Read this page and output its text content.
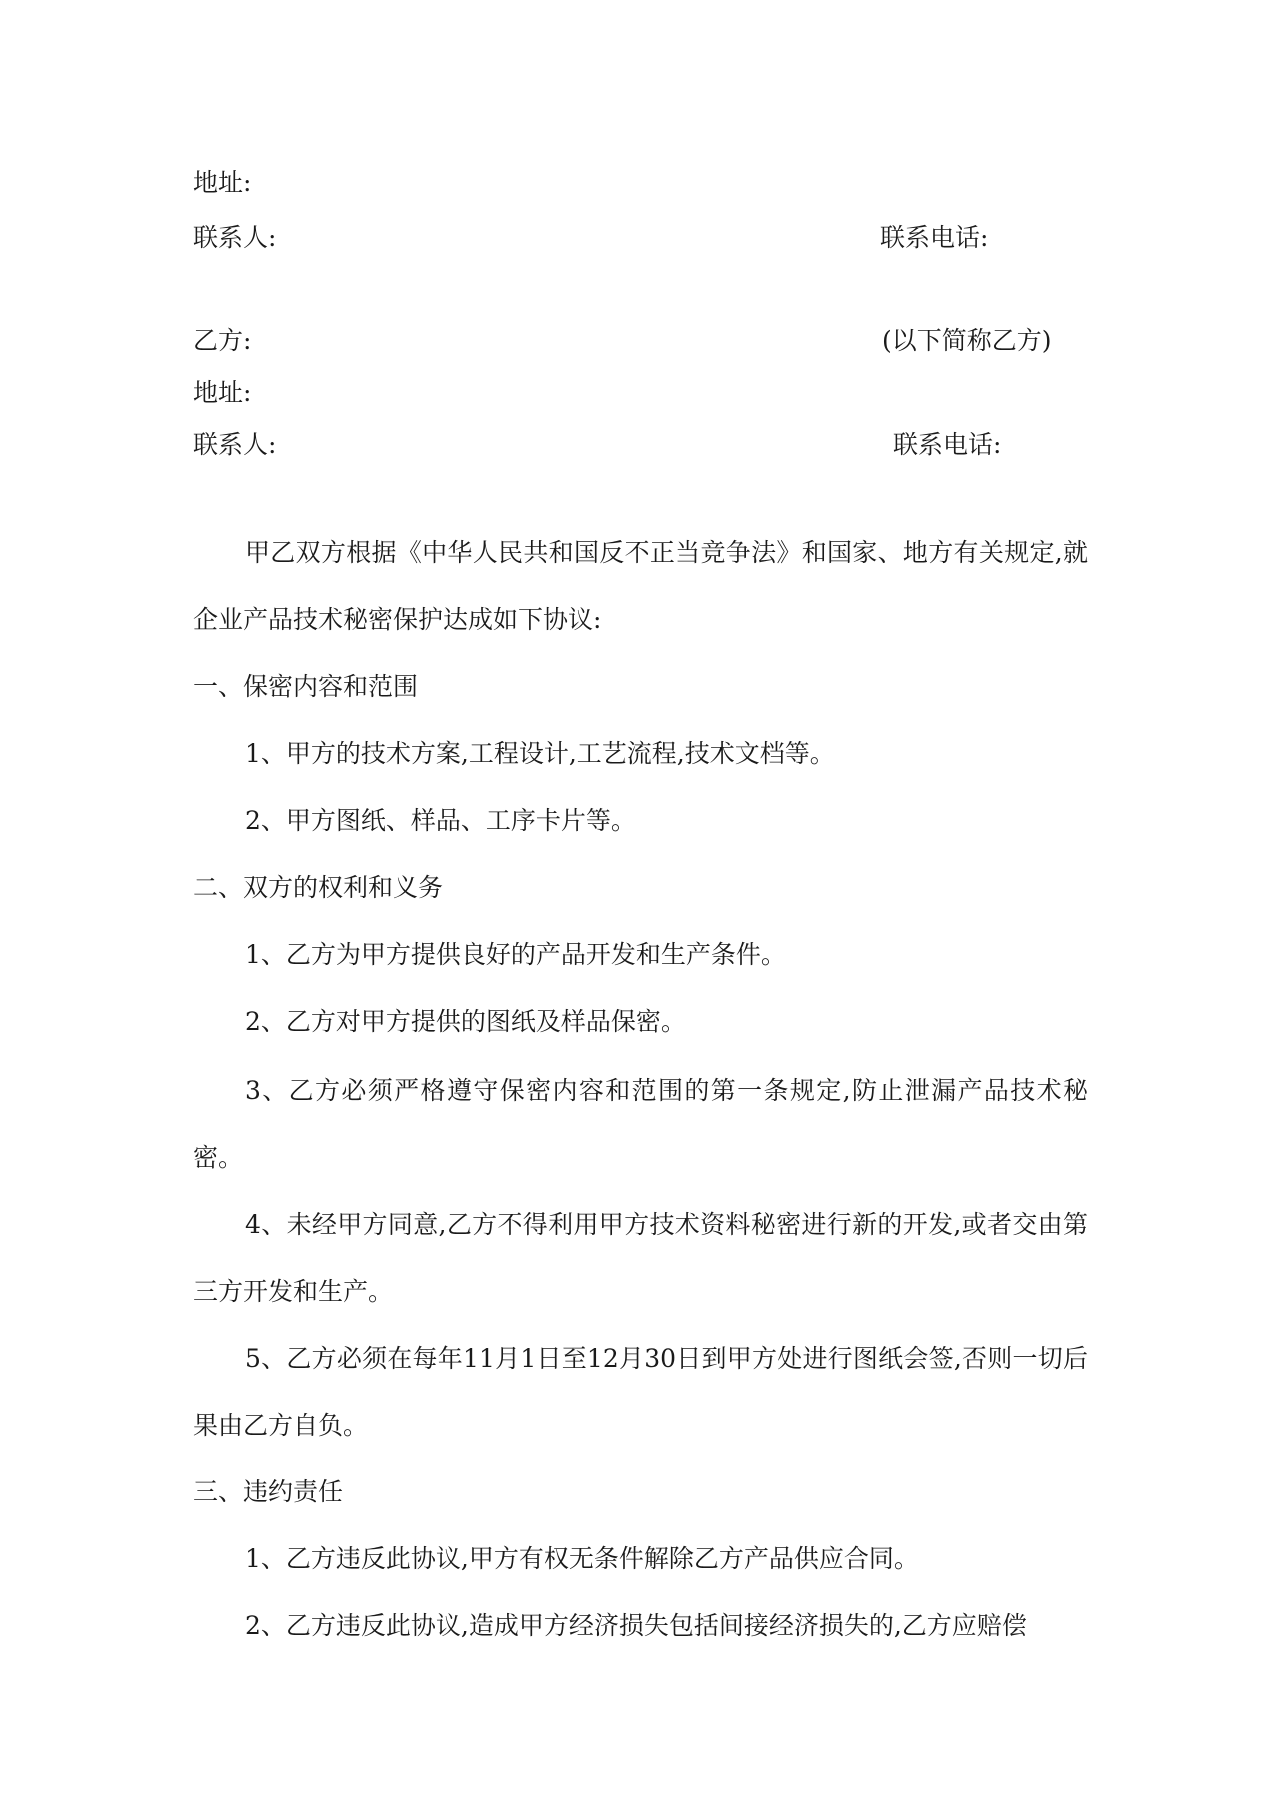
地址:
联系人:	联系电话:
乙方:	(以下简称乙方)
地址:
联系人:	联系电话:
甲乙双方根据《中华人民共和国反不正当竞争法》和国家、地方有关规定,就企业产品技术秘密保护达成如下协议:
一、保密内容和范围
1、甲方的技术方案,工程设计,工艺流程,技术文档等。
2、甲方图纸、样品、工序卡片等。
二、双方的权利和义务
1、乙方为甲方提供良好的产品开发和生产条件。
2、乙方对甲方提供的图纸及样品保密。
3、乙方必须严格遵守保密内容和范围的第一条规定,防止泄漏产品技术秘密。
4、未经甲方同意,乙方不得利用甲方技术资料秘密进行新的开发,或者交由第三方开发和生产。
5、乙方必须在每年11月1日至12月30日到甲方处进行图纸会签,否则一切后果由乙方自负。
三、违约责任
1、乙方违反此协议,甲方有权无条件解除乙方产品供应合同。
2、乙方违反此协议,造成甲方经济损失包括间接经济损失的,乙方应赔偿
